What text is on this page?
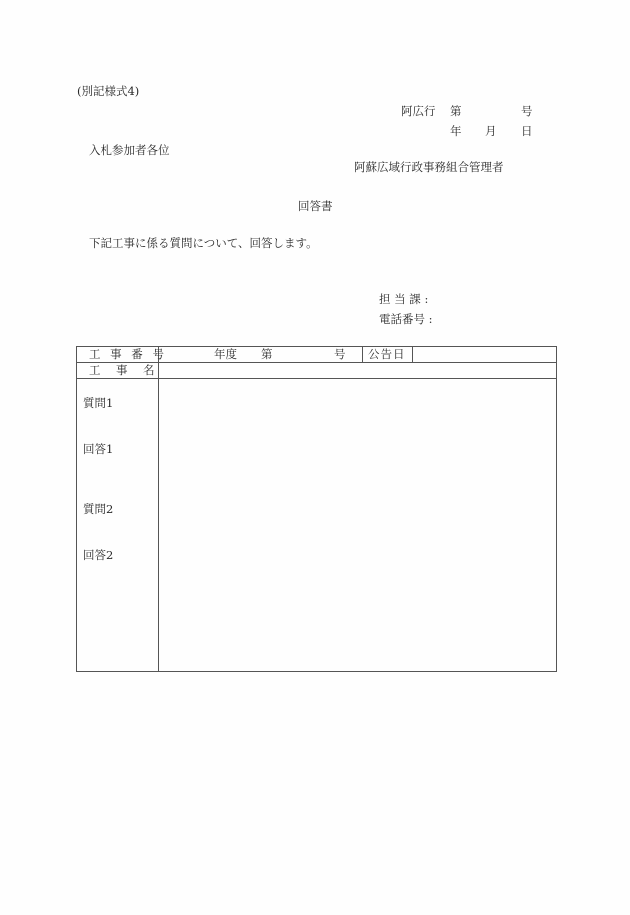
(別記様式4)
阿広行 第	号
年 月 日
入札参加者各位
阿蘇広域行政事務組合管理者
回答書
下記工事に係る質問について、回答します。
担 当 課 :
電話番号 :
工 事 番 号	年度 第	号 公告日
工　事　名
質問1
回答1
質問2
回答2
